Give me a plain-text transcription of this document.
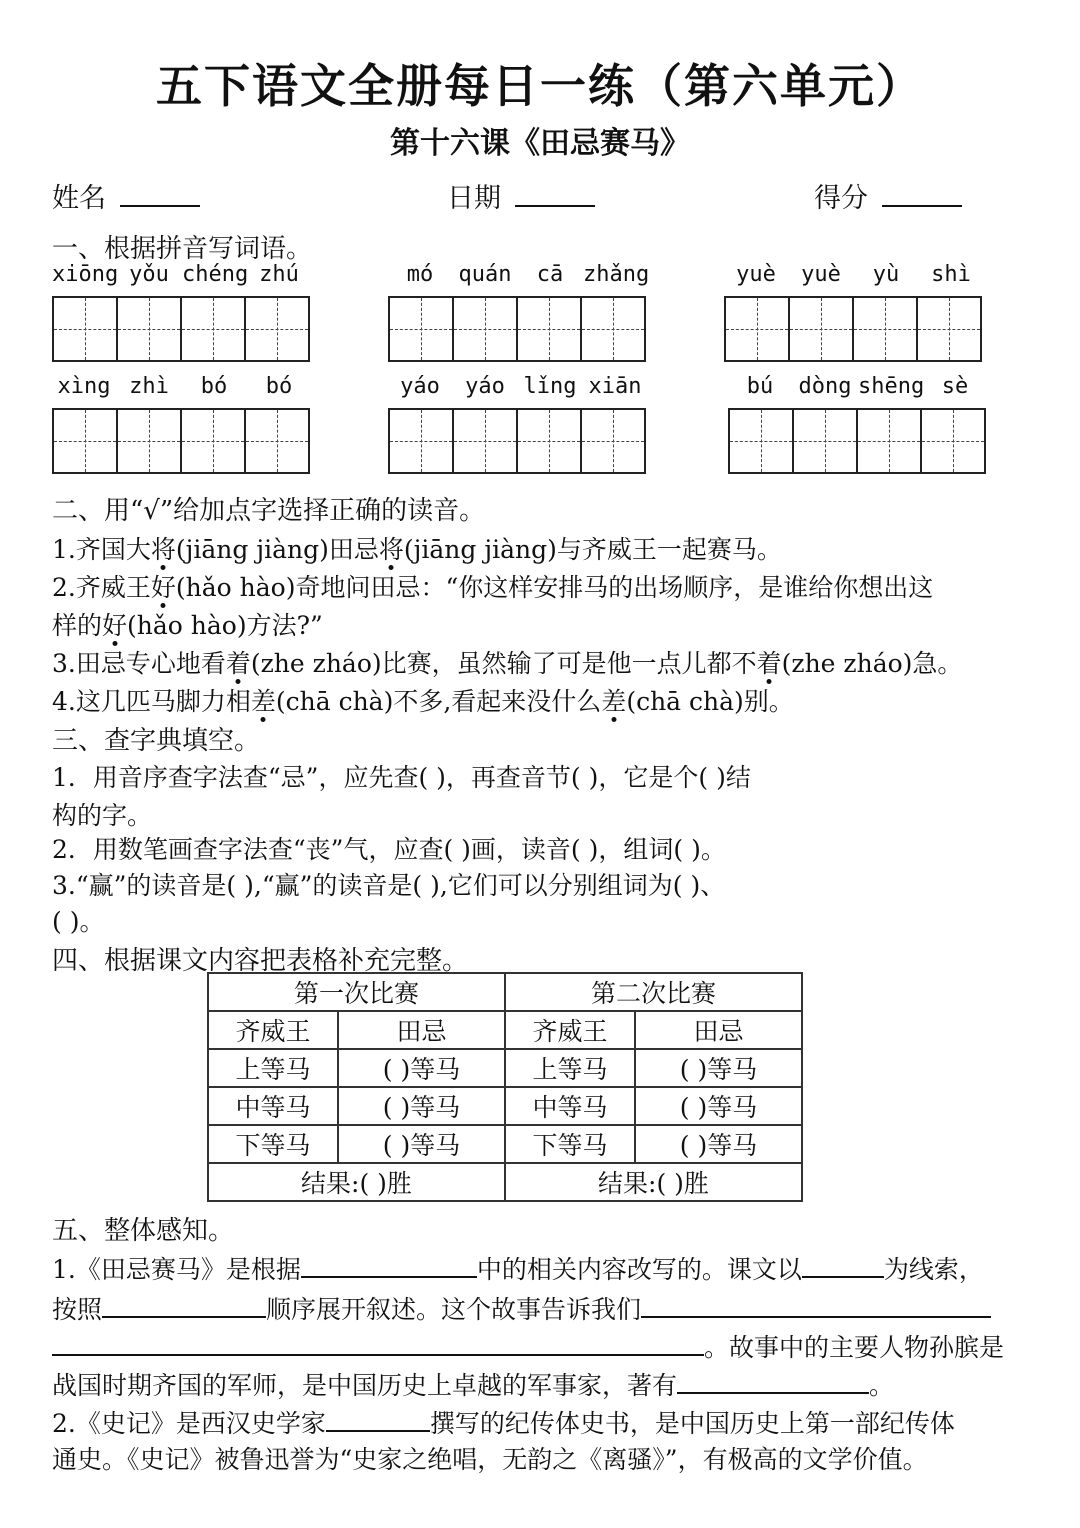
五下语文全册每日一练（第六单元）
第十六课《田忌赛马》
姓名	日期	得分
一、根据拼音写词语。
xiōng yǒu chéng zhú	mó	quán	cā zhǎng	yuè	yuè	yù	shì
xìng zhì	bó	bó	yáo	yáo lǐng xiān	bú	dòng shēng sè
二、用“√”给加点字选择正确的读音。
1.齐国大将(jiāng jiàng)田忌将(jiāng jiàng)与齐威王一起赛马。
2.齐威王好(hǎo hào)奇地问田忌：“你这样安排马的出场顺序，是谁给你想出这
样的好(hǎo hào)方法?”
3.田忌专心地看着(zhe zháo)比赛，虽然输了可是他一点儿都不着(zhe zháo)急。
4.这几匹马脚力相差(chā chà)不多,看起来没什么差(chā chà)别。
三、查字典填空。
1．用音序查字法查“忌”，应先查( )，再查音节( )，它是个( )结
构的字。
2．用数笔画查字法查“丧”气，应查( )画，读音( )，组词( )。
3.“赢”的读音是( ),“赢”的读音是( ),它们可以分别组词为( )、
( )。
四、根据课文内容把表格补充完整。
第一次比赛		第二次比赛	
齐威王	田忌	齐威王	田忌
上等马	( )等马	上等马	( )等马
中等马	( )等马	中等马	( )等马
下等马	( )等马	下等马	( )等马
结果:( )胜		结果:( )胜	
五、整体感知。
1.《田忌赛马》是根据	中的相关内容改写的。课文以	为线索，
按照	顺序展开叙述。这个故事告诉我们
。故事中的主要人物孙膑是
战国时期齐国的军师，是中国历史上卓越的军事家，著有	。
2.《史记》是西汉史学家	撰写的纪传体史书，是中国历史上第一部纪传体
通史。《史记》被鲁迅誉为“史家之绝唱，无韵之《离骚》”，有极高的文学价值。
